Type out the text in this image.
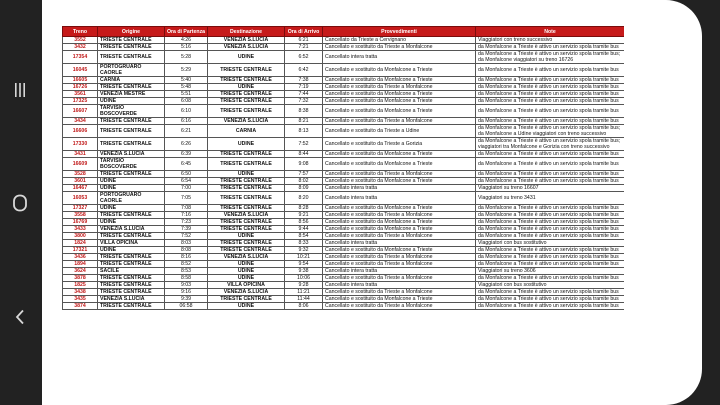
Treno	Origine	Ora di Partenza	Destinazione	Ora di Arrivo	Provvedimenti	Note
3552	TRIESTE CENTRALE	4:26	VENEZIA S.LUCIA	6:21	Cancellato da Trieste a Cervignano	Viaggiatori con treno successivo
3432	TRIESTE CENTRALE	5:16	VENEZIA S.LUCIA	7:21	Cancellato e sostituito da Trieste a Monfalcone	da Monfalcone a Trieste è attivo un servizio spola tramite bus
17354	TRIESTE CENTRALE	5:28	UDINE	6:52	Cancellato intera tratta	da Monfalcone a Trieste è attivo un servizio spola tramite bus; da Monfalcone viaggiatori su treno 16726
16045	PORTOGRUARO CAORLE	5:29	TRIESTE CENTRALE	6:42	Cancellato e sostituito da Monfalcone a Trieste	da Monfalcone a Trieste è attivo un servizio spola tramite bus
16605	CARNIA	5:40	TRIESTE CENTRALE	7:38	Cancellato e sostituito da Monfalcone a Trieste	da Monfalcone a Trieste è attivo un servizio spola tramite bus
16726	TRIESTE CENTRALE	5:48	UDINE	7:19	Cancellato e sostituito da Trieste a Monfalcone	da Monfalcone a Trieste è attivo un servizio spola tramite bus
3561	VENEZIA MESTRE	5:51	TRIESTE CENTRALE	7:44	Cancellato e sostituito da Monfalcone a Trieste	da Monfalcone a Trieste è attivo un servizio spola tramite bus
17325	UDINE	6:08	TRIESTE CENTRALE	7:32	Cancellato e sostituito da Monfalcone a Trieste	da Monfalcone a Trieste è attivo un servizio spola tramite bus
16607	TARVISIO BOSCOVERDE	6:10	TRIESTE CENTRALE	8:38	Cancellato e sostituito da Monfalcone a Trieste	da Monfalcone a Trieste è attivo un servizio spola tramite bus
3434	TRIESTE CENTRALE	6:16	VENEZIA S.LUCIA	8:21	Cancellato e sostituito da Trieste a Monfalcone	da Monfalcone a Trieste è attivo un servizio spola tramite bus
16606	TRIESTE CENTRALE	6:21	CARNIA	8:13	Cancellato e sostituito da Trieste a Udine	da Monfalcone a Trieste è attivo un servizio spola tramite bus; da Monfalcone a Udine viaggiatori con treno successivo
17330	TRIESTE CENTRALE	6:26	UDINE	7:52	Cancellato e sostituito da Trieste a Gorizia	da Monfalcone a Trieste è attivo un servizio spola tramite bus; viaggiatori tra Monfalcone e Gorizia con treno successivo
3431	VENEZIA S.LUCIA	6:39	TRIESTE CENTRALE	8:44	Cancellato e sostituito da Monfalcone a Trieste	da Monfalcone a Trieste è attivo un servizio spola tramite bus
16609	TARVISIO BOSCOVERDE	6:45	TRIESTE CENTRALE	9:08	Cancellato e sostituito da Monfalcone a Trieste	da Monfalcone a Trieste è attivo un servizio spola tramite bus
3528	TRIESTE CENTRALE	6:50	UDINE	7:57	Cancellato e sostituito da Trieste a Monfalcone	da Monfalcone a Trieste è attivo un servizio spola tramite bus
3601	UDINE	6:54	TRIESTE CENTRALE	8:02	Cancellato e sostituito da Monfalcone a Trieste	da Monfalcone a Trieste è attivo un servizio spola tramite bus
16467	UDINE	7:00	TRIESTE CENTRALE	8:09	Cancellato intera tratta	Viaggiatori su treno 16607
16053	PORTOGRUARO CAORLE	7:05	TRIESTE CENTRALE	8:20	Cancellato intera tratta	Viaggiatori su treno 3431
17327	UDINE	7:08	TRIESTE CENTRALE	8:28	Cancellato e sostituito da Monfalcone a Trieste	da Monfalcone a Trieste è attivo un servizio spola tramite bus
3558	TRIESTE CENTRALE	7:16	VENEZIA S.LUCIA	9:21	Cancellato e sostituito da Trieste a Monfalcone	da Monfalcone a Trieste è attivo un servizio spola tramite bus
16769	UDINE	7:23	TRIESTE CENTRALE	8:56	Cancellato e sostituito da Monfalcone a Trieste	da Monfalcone a Trieste è attivo un servizio spola tramite bus
3433	VENEZIA S.LUCIA	7:39	TRIESTE CENTRALE	9:44	Cancellato e sostituito da Monfalcone a Trieste	da Monfalcone a Trieste è attivo un servizio spola tramite bus
3800	TRIESTE CENTRALE	7:52	UDINE	8:54	Cancellato e sostituito da Trieste a Monfalcone	da Monfalcone a Trieste è attivo un servizio spola tramite bus
1824	VILLA OPICINA	8:03	TRIESTE CENTRALE	8:33	Cancellato intera tratta	Viaggiatori con bus sostitutivo
17321	UDINE	8:08	TRIESTE CENTRALE	9:32	Cancellato e sostituito da Monfalcone a Trieste	da Monfalcone a Trieste è attivo un servizio spola tramite bus
3436	TRIESTE CENTRALE	8:16	VENEZIA S.LUCIA	10:21	Cancellato e sostituito da Trieste a Monfalcone	da Monfalcone a Trieste è attivo un servizio spola tramite bus
1894	TRIESTE CENTRALE	8:52	UDINE	9:54	Cancellato e sostituito da Trieste a Monfalcone	da Monfalcone a Trieste è attivo un servizio spola tramite bus
3624	SACILE	8:53	UDINE	9:38	Cancellato intera tratta	Viaggiatori su treno 3606
3878	TRIESTE CENTRALE	8:58	UDINE	10:06	Cancellato e sostituito da Trieste a Monfalcone	da Monfalcone a Trieste è attivo un servizio spola tramite bus
1825	TRIESTE CENTRALE	9:03	VILLA OPICINA	9:28	Cancellato intera tratta	Viaggiatori con bus sostitutivo
3438	TRIESTE CENTRALE	9:16	VENEZIA S.LUCIA	11:21	Cancellato e sostituito da Trieste a Monfalcone	da Monfalcone a Trieste è attivo un servizio spola tramite bus
3435	VENEZIA S.LUCIA	9:39	TRIESTE CENTRALE	11:44	Cancellato e sostituito da Monfalcone a Trieste	da Monfalcone a Trieste è attivo un servizio spola tramite bus
3874	TRIESTE CENTRALE	06:58	UDINE	8:06	Cancellato e sostituito da Trieste a Monfalcone	da Monfalcone a Trieste è attivo un servizio spola tramite bus
